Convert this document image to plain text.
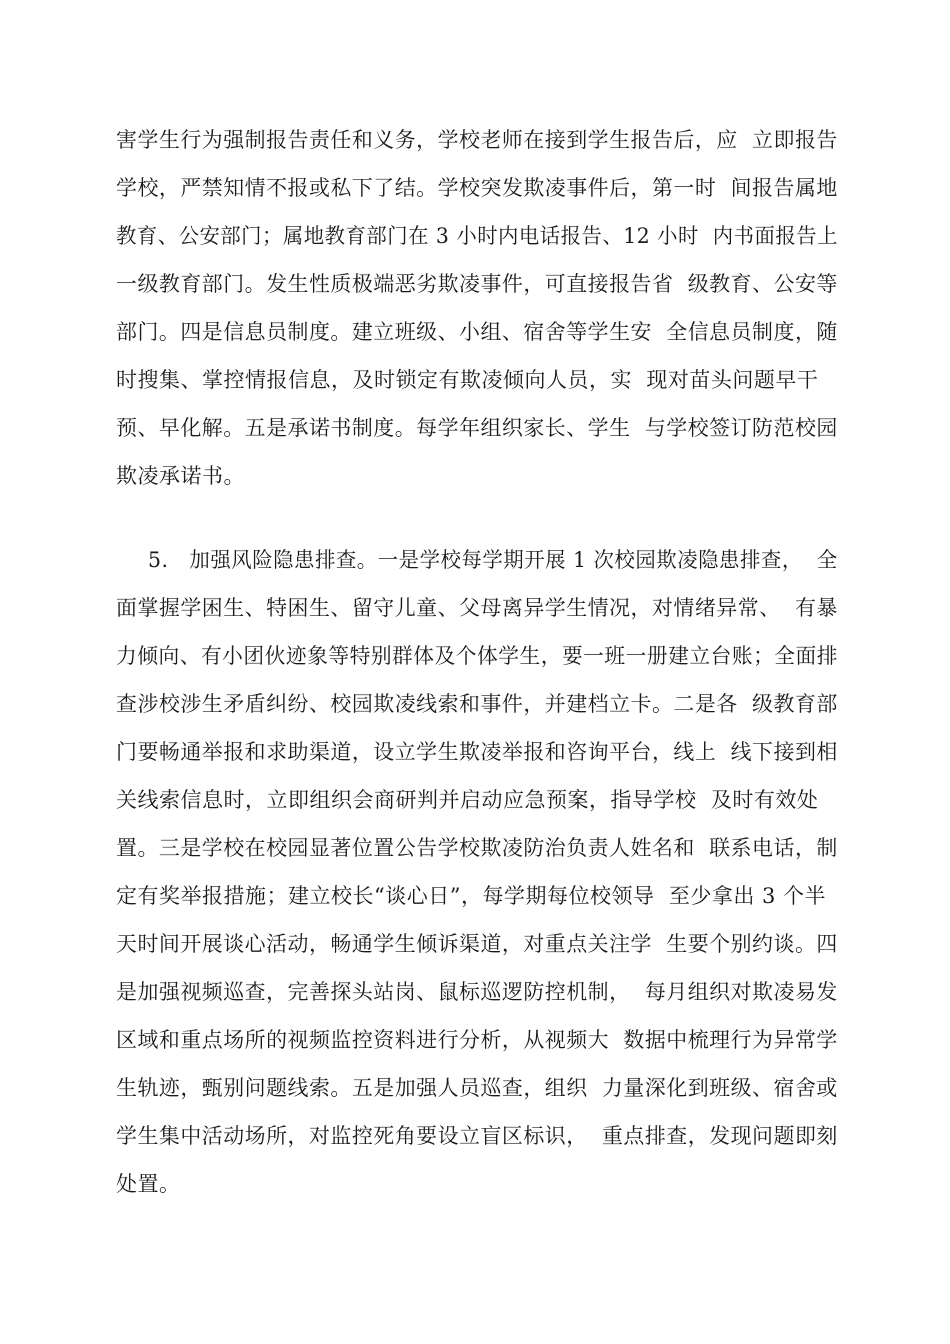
害学生行为强制报告责任和义务，学校老师在接到学生报告后，应  立即报告
学校，严禁知情不报或私下了结。学校突发欺凌事件后，第一时  间报告属地
教育、公安部门；属地教育部门在 3 小时内电话报告、12 小时  内书面报告上
一级教育部门。发生性质极端恶劣欺凌事件，可直接报告省  级教育、公安等
部门。四是信息员制度。建立班级、小组、宿舍等学生安  全信息员制度，随
时搜集、掌控情报信息，及时锁定有欺凌倾向人员，实  现对苗头问题早干
预、早化解。五是承诺书制度。每学年组织家长、学生  与学校签订防范校园
欺凌承诺书。
5.   加强风险隐患排查。一是学校每学期开展 1 次校园欺凌隐患排查，  全
面掌握学困生、特困生、留守儿童、父母离异学生情况，对情绪异常、  有暴
力倾向、有小团伙迹象等特别群体及个体学生，要一班一册建立台账；全面排
查涉校涉生矛盾纠纷、校园欺凌线索和事件，并建档立卡。二是各  级教育部
门要畅通举报和求助渠道，设立学生欺凌举报和咨询平台，线上  线下接到相
关线索信息时，立即组织会商研判并启动应急预案，指导学校  及时有效处
置。三是学校在校园显著位置公告学校欺凌防治负责人姓名和  联系电话，制
定有奖举报措施；建立校长“谈心日”，每学期每位校领导  至少拿出 3 个半
天时间开展谈心活动，畅通学生倾诉渠道，对重点关注学  生要个别约谈。四
是加强视频巡查，完善探头站岗、鼠标巡逻防控机制，  每月组织对欺凌易发
区域和重点场所的视频监控资料进行分析，从视频大  数据中梳理行为异常学
生轨迹，甄别问题线索。五是加强人员巡查，组织  力量深化到班级、宿舍或
学生集中活动场所，对监控死角要设立盲区标识，  重点排查，发现问题即刻
处置。
